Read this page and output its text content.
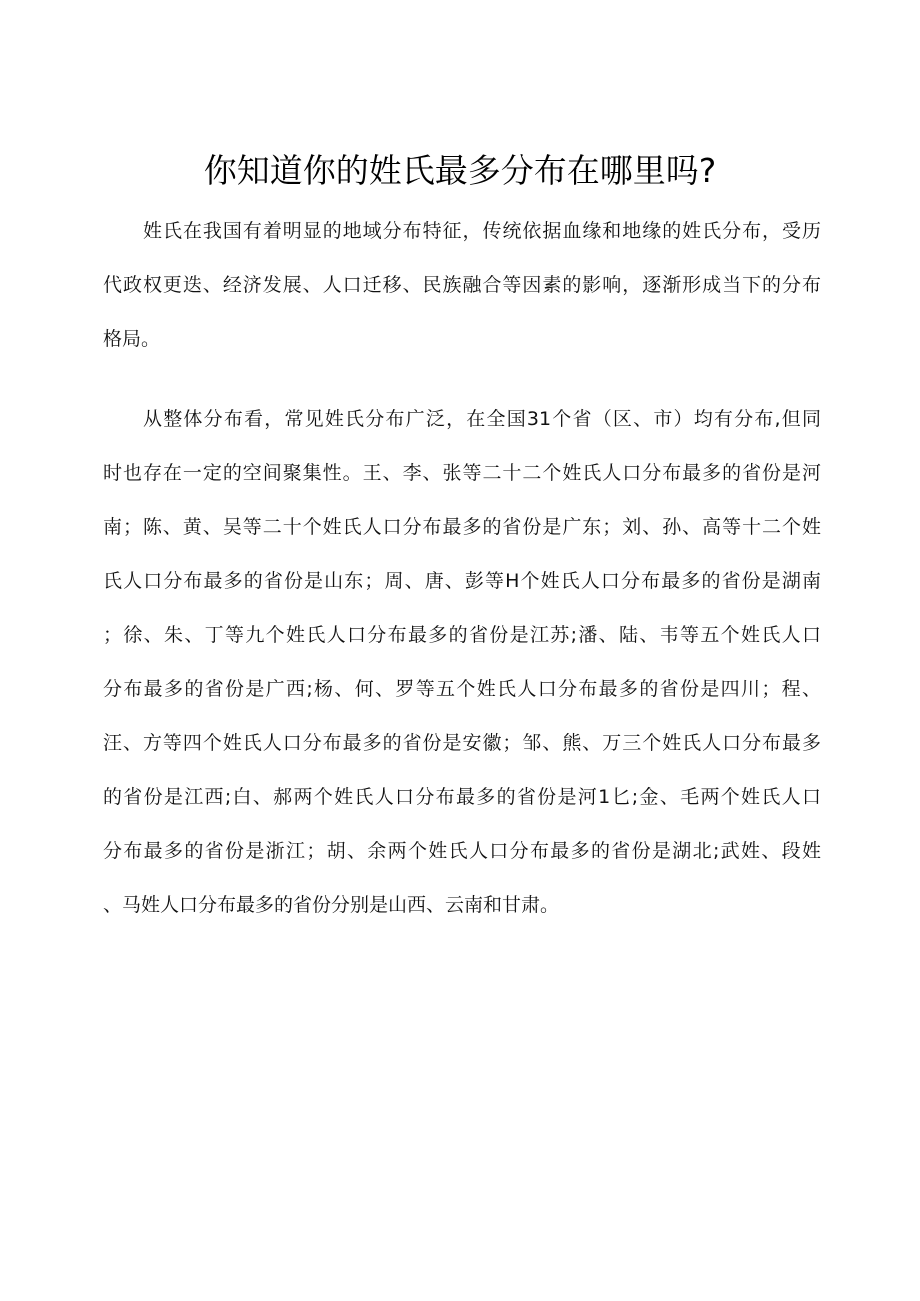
你知道你的姓氏最多分布在哪里吗?
姓氏在我国有着明显的地域分布特征，传统依据血缘和地缘的姓氏分布，受历
代政权更迭、经济发展、人口迁移、民族融合等因素的影响，逐渐形成当下的分布
格局。
从整体分布看，常见姓氏分布广泛，在全国31个省（区、市）均有分布,但同
时也存在一定的空间聚集性。王、李、张等二十二个姓氏人口分布最多的省份是河
南；陈、黄、吴等二十个姓氏人口分布最多的省份是广东；刘、孙、高等十二个姓
氏人口分布最多的省份是山东；周、唐、彭等H个姓氏人口分布最多的省份是湖南
；徐、朱、丁等九个姓氏人口分布最多的省份是江苏;潘、陆、韦等五个姓氏人口
分布最多的省份是广西;杨、何、罗等五个姓氏人口分布最多的省份是四川；程、
汪、方等四个姓氏人口分布最多的省份是安徽；邹、熊、万三个姓氏人口分布最多
的省份是江西;白、郝两个姓氏人口分布最多的省份是河1匕;金、毛两个姓氏人口
分布最多的省份是浙江；胡、余两个姓氏人口分布最多的省份是湖北;武姓、段姓
、马姓人口分布最多的省份分别是山西、云南和甘肃。
